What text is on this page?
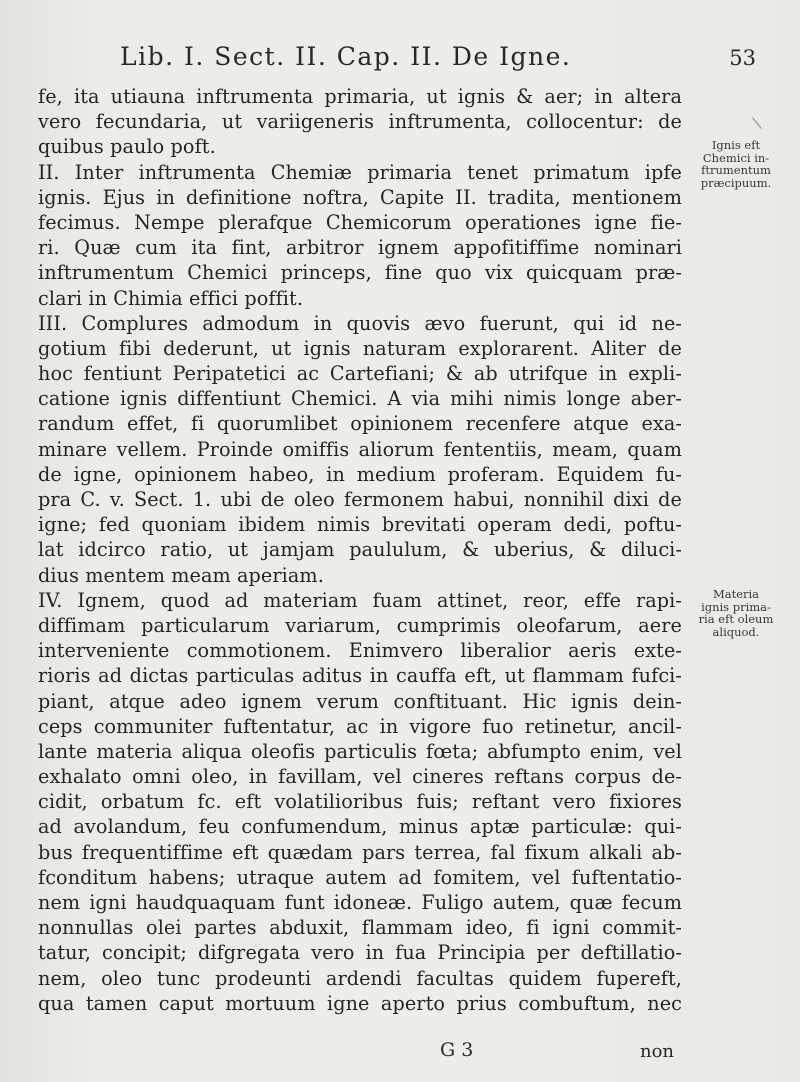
Lib. I. Sect. II. Cap. II. De Igne.	53
fe, ita utiauna inftrumenta primaria, ut ignis & aer; in altera
vero fecundaria, ut variigeneris inftrumenta, collocentur: de
quibus paulo poft.
II. Inter inftrumenta Chemiæ primaria tenet primatum ipfe
ignis. Ejus in definitione noftra, Capite II. tradita, mentionem
fecimus. Nempe plerafque Chemicorum operationes igne fie-
ri. Quæ cum ita fint, arbitror ignem appofitiffime nominari
inftrumentum Chemici princeps, fine quo vix quicquam præ-
clari in Chimia effici poffit.
III. Complures admodum in quovis ævo fuerunt, qui id ne-
gotium fibi dederunt, ut ignis naturam explorarent. Aliter de
hoc fentiunt Peripatetici ac Cartefiani; & ab utrifque in expli-
catione ignis diffentiunt Chemici. A via mihi nimis longe aber-
randum effet, fi quorumlibet opinionem recenfere atque exa-
minare vellem. Proinde omiffis aliorum fententiis, meam, quam
de igne, opinionem habeo, in medium proferam. Equidem fu-
pra C. v. Sect. 1. ubi de oleo fermonem habui, nonnihil dixi de
igne; fed quoniam ibidem nimis brevitati operam dedi, poftu-
lat idcirco ratio, ut jamjam paululum, & uberius, & diluci-
dius mentem meam aperiam.
IV. Ignem, quod ad materiam fuam attinet, reor, effe rapi-
diffimam particularum variarum, cumprimis oleofarum, aere
interveniente commotionem. Enimvero liberalior aeris exte-
rioris ad dictas particulas aditus in cauffa eft, ut flammam fufci-
piant, atque adeo ignem verum conftituant. Hic ignis dein-
ceps communiter fuftentatur, ac in vigore fuo retinetur, ancil-
lante materia aliqua oleofis particulis fœta; abfumpto enim, vel
exhalato omni oleo, in favillam, vel cineres reftans corpus de-
cidit, orbatum fc. eft volatilioribus fuis; reftant vero fixiores
ad avolandum, feu confumendum, minus aptæ particulæ: qui-
bus frequentiffime eft quædam pars terrea, fal fixum alkali ab-
fconditum habens; utraque autem ad fomitem, vel fuftentatio-
nem igni haudquaquam funt idoneæ. Fuligo autem, quæ fecum
nonnullas olei partes abduxit, flammam ideo, fi igni commit-
tatur, concipit; difgregata vero in fua Principia per deftillatio-
nem, oleo tunc prodeunti ardendi facultas quidem fupereft,
qua tamen caput mortuum igne aperto prius combuftum, nec
Ignis eft
Chemici in-
ftrumentum
præcipuum.
Materia
ignis prima-
ria eft oleum
aliquod.
G 3	non
